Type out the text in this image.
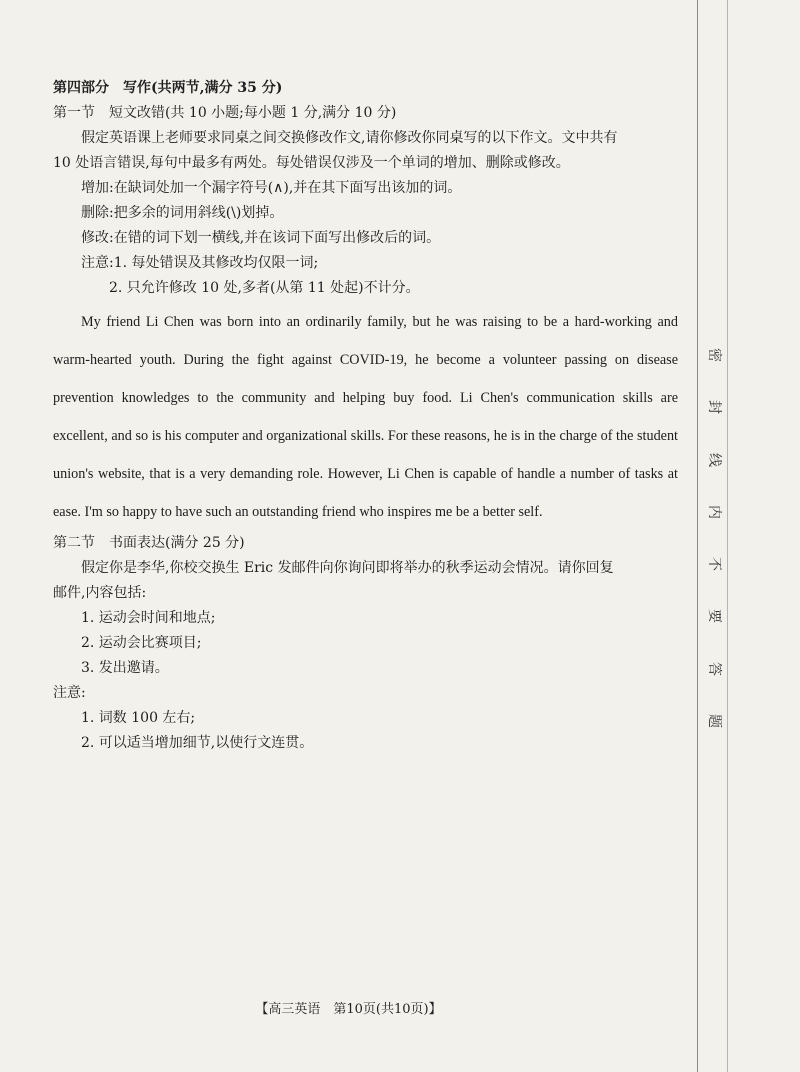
密
封
线
内
不
要
答
题
第四部分　写作(共两节,满分 35 分)
第一节　短文改错(共 10 小题;每小题 1 分,满分 10 分)
假定英语课上老师要求同桌之间交换修改作文,请你修改你同桌写的以下作文。文中共有
10 处语言错误,每句中最多有两处。每处错误仅涉及一个单词的增加、删除或修改。
增加:在缺词处加一个漏字符号(∧),并在其下面写出该加的词。
删除:把多余的词用斜线(\)划掉。
修改:在错的词下划一横线,并在该词下面写出修改后的词。
注意:1. 每处错误及其修改均仅限一词;
2. 只允许修改 10 处,多者(从第 11 处起)不计分。

My friend Li Chen was born into an ordinarily family, but he was raising to be a hard-working and warm-hearted youth. During the fight against COVID-19, he become a volunteer passing on disease prevention knowledges to the community and helping buy food. Li Chen's communication skills are excellent, and so is his computer and organizational skills. For these reasons, he is in the charge of the student union's website, that is a very demanding role. However, Li Chen is capable of handle a number of tasks at ease. I'm so happy to have such an outstanding friend who inspires me be a better self.

第二节　书面表达(满分 25 分)
假定你是李华,你校交换生 Eric 发邮件向你询问即将举办的秋季运动会情况。请你回复
邮件,内容包括:
1. 运动会时间和地点;
2. 运动会比赛项目;
3. 发出邀请。
注意:
1. 词数 100 左右;
2. 可以适当增加细节,以使行文连贯。
【高三英语　第10页(共10页)】
